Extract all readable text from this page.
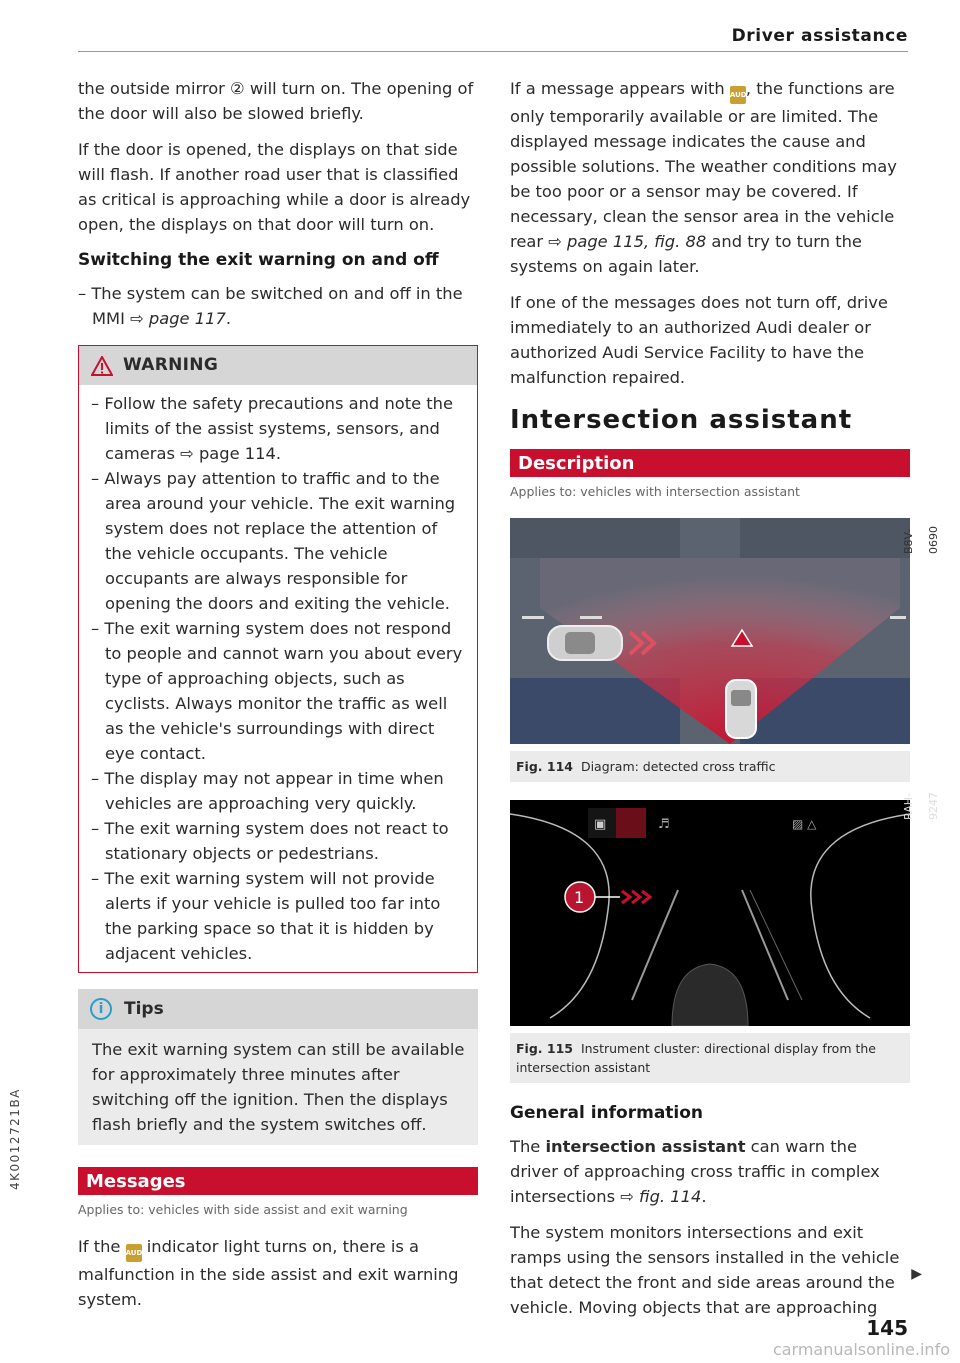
Driver assistance

the outside mirror ② will turn on. The opening of the door will also be slowed briefly.

If the door is opened, the displays on that side will flash. If another road user that is classified as critical is approaching while a door is already open, the displays on that door will turn on.

Switching the exit warning on and off

– The system can be switched on and off in the MMI ⇨ page 117.

WARNING

– Follow the safety precautions and note the limits of the assist systems, sensors, and cameras ⇨ page 114.

– Always pay attention to traffic and to the area around your vehicle. The exit warning system does not replace the attention of the vehicle occupants. The vehicle occupants are always responsible for opening the doors and exiting the vehicle.

– The exit warning system does not respond to people and cannot warn you about every type of approaching objects, such as cyclists. Always monitor the traffic as well as the vehicle's surroundings with direct eye contact.

– The display may not appear in time when vehicles are approaching very quickly.

– The exit warning system does not react to stationary objects or pedestrians.

– The exit warning system will not provide alerts if your vehicle is pulled too far into the parking space so that it is hidden by adjacent vehicles.

i	Tips
The exit warning system can still be available for approximately three minutes after switching off the ignition. Then the displays flash briefly and the system switches off.
Messages
Applies to: vehicles with side assist and exit warning

If the AUDI indicator light turns on, there is a malfunction in the side assist and exit warning system.

If a message appears with AUDI, the functions are only temporarily available or are limited. The displayed message indicates the cause and possible solutions. The weather conditions may be too poor or a sensor may be covered. If necessary, clean the sensor area in the vehicle rear ⇨ page 115, fig. 88 and try to turn the systems on again later.

If one of the messages does not turn off, drive immediately to an authorized Audi dealer or authorized Audi Service Facility to have the malfunction repaired.

Intersection assistant
Description
Applies to: vehicles with intersection assistant
Fig. 114 Diagram: detected cross traffic
B8V-0690
▣	♬	▨ △
1
Fig. 115 Instrument cluster: directional display from the intersection assistant
RAH-9247
General information

The intersection assistant can warn the driver of approaching cross traffic in complex intersections ⇨ fig. 114.

The system monitors intersections and exit ramps using the sensors installed in the vehicle that detect the front and side areas around the vehicle. Moving objects that are approaching

▶
4K0012721BA
145
carmanualsonline.info
